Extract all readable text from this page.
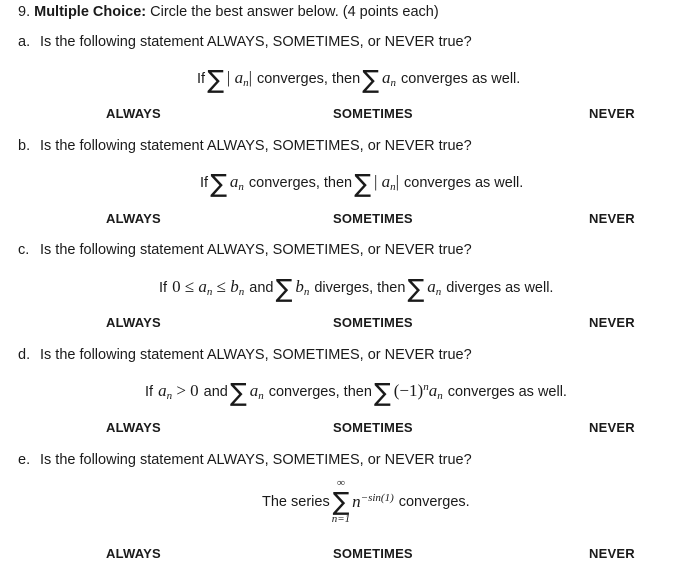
9. Multiple Choice: Circle the best answer below. (4 points each)
a. Is the following statement ALWAYS, SOMETIMES, or NEVER true?
If ∑ | $a_n|$ converges, then ∑ $a_n$ converges as well.
ALWAYS	SOMETIMES	NEVER
b. Is the following statement ALWAYS, SOMETIMES, or NEVER true?
If ∑ $a_n$ converges, then ∑ | $a_n|$ converges as well.
ALWAYS	SOMETIMES	NEVER
c. Is the following statement ALWAYS, SOMETIMES, or NEVER true?
If $0 \le a_n \le b_n$ and ∑ $b_n$ diverges, then ∑ $a_n$ diverges as well.
ALWAYS	SOMETIMES	NEVER
d. Is the following statement ALWAYS, SOMETIMES, or NEVER true?
If $a_n > 0$ and ∑ $a_n$ converges, then ∑ $(-1)^na_n$ converges as well.
ALWAYS	SOMETIMES	NEVER
e. Is the following statement ALWAYS, SOMETIMES, or NEVER true?
The series
∞
∑
n=1
$n^{-sin(1)}$ converges.
ALWAYS	SOMETIMES	NEVER
